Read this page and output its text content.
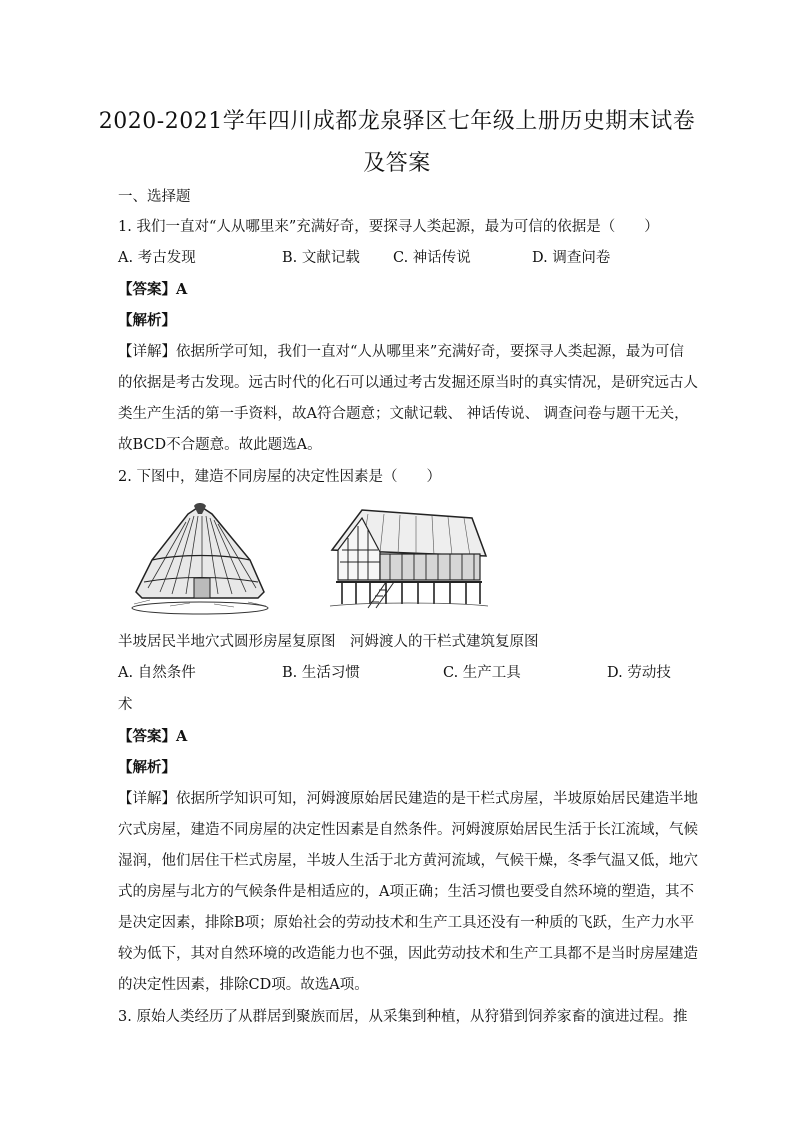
2020-2021学年四川成都龙泉驿区七年级上册历史期末试卷
及答案
一、选择题
1. 我们一直对“人从哪里来”充满好奇，要探寻人类起源，最为可信的依据是（　　）
A. 考古发现	B. 文献记载 C. 神话传说	D. 调查问卷
【答案】A
【解析】
【详解】依据所学可知，我们一直对“人从哪里来”充满好奇，要探寻人类起源，最为可信
的依据是考古发现。远古时代的化石可以通过考古发掘还原当时的真实情况，是研究远古人
类生产生活的第一手资料，故A符合题意；文献记载、 神话传说、 调查问卷与题干无关，
故BCD不合题意。故此题选A。
2. 下图中，建造不同房屋的决定性因素是（　　）
半坡居民半地穴式圆形房屋复原图　河姆渡人的干栏式建筑复原图
A. 自然条件	B. 生活习惯	C. 生产工具	D. 劳动技
术
【答案】A
【解析】
【详解】依据所学知识可知，河姆渡原始居民建造的是干栏式房屋，半坡原始居民建造半地
穴式房屋，建造不同房屋的决定性因素是自然条件。河姆渡原始居民生活于长江流域，气候
湿润，他们居住干栏式房屋，半坡人生活于北方黄河流域，气候干燥，冬季气温又低，地穴
式的房屋与北方的气候条件是相适应的，A项正确；生活习惯也要受自然环境的塑造，其不
是决定因素，排除B项；原始社会的劳动技术和生产工具还没有一种质的飞跃，生产力水平
较为低下，其对自然环境的改造能力也不强，因此劳动技术和生产工具都不是当时房屋建造
的决定性因素，排除CD项。故选A项。
3. 原始人类经历了从群居到聚族而居，从采集到种植，从狩猎到饲养家畜的演进过程。推
